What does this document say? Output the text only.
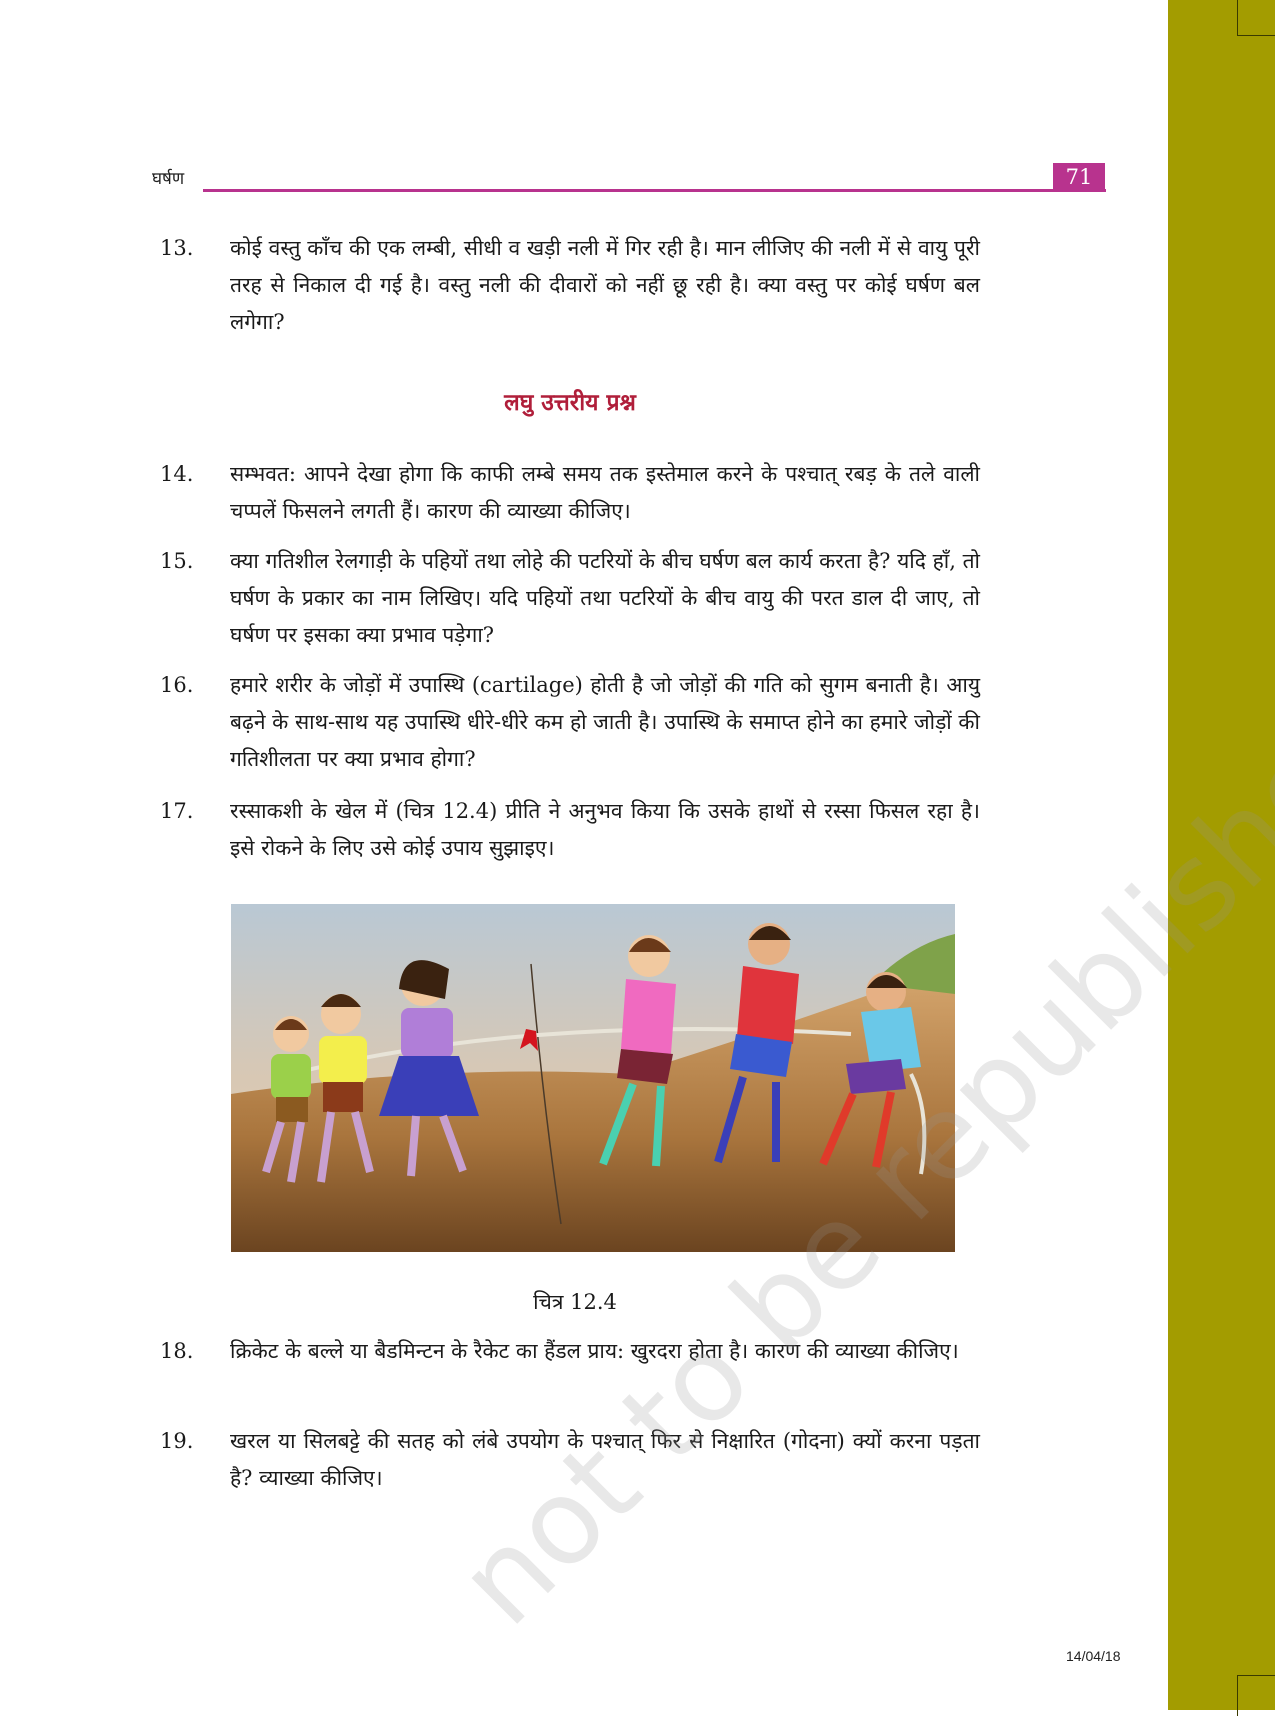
घर्षण	71
13.	कोई वस्तु काँच की एक लम्बी, सीधी व खड़ी नली में गिर रही है। मान लीजिए की नली में से वायु पूरी तरह से निकाल दी गई है। वस्तु नली की दीवारों को नहीं छू रही है। क्या वस्तु पर कोई घर्षण बल लगेगा?
लघु उत्तरीय प्रश्न
14.	सम्भवत: आपने देखा होगा कि काफी लम्बे समय तक इस्तेमाल करने के पश्चात् रबड़ के तले वाली चप्पलें फिसलने लगती हैं। कारण की व्याख्या कीजिए।
15.	क्या गतिशील रेलगाड़ी के पहियों तथा लोहे की पटरियों के बीच घर्षण बल कार्य करता है? यदि हाँ, तो घर्षण के प्रकार का नाम लिखिए। यदि पहियों तथा पटरियों के बीच वायु की परत डाल दी जाए, तो घर्षण पर इसका क्या प्रभाव पड़ेगा?
16.	हमारे शरीर के जोड़ों में उपास्थि (cartilage) होती है जो जोड़ों की गति को सुगम बनाती है। आयु बढ़ने के साथ-साथ यह उपास्थि धीरे-धीरे कम हो जाती है। उपास्थि के समाप्त होने का हमारे जोड़ों की गतिशीलता पर क्या प्रभाव होगा?
17.	रस्साकशी के खेल में (चित्र 12.4) प्रीति ने अनुभव किया कि उसके हाथों से रस्सा फिसल रहा है। इसे रोकने के लिए उसे कोई उपाय सुझाइए।
चित्र 12.4
18.	क्रिकेट के बल्ले या बैडमिन्टन के रैकेट का हैंडल प्राय: खुरदरा होता है। कारण की व्याख्या कीजिए।
19.	खरल या सिलबट्टे की सतह को लंबे उपयोग के पश्चात् फिर से निक्षारित (गोदना) क्यों करना पड़ता है? व्याख्या कीजिए। not to be republished
14/04/18
